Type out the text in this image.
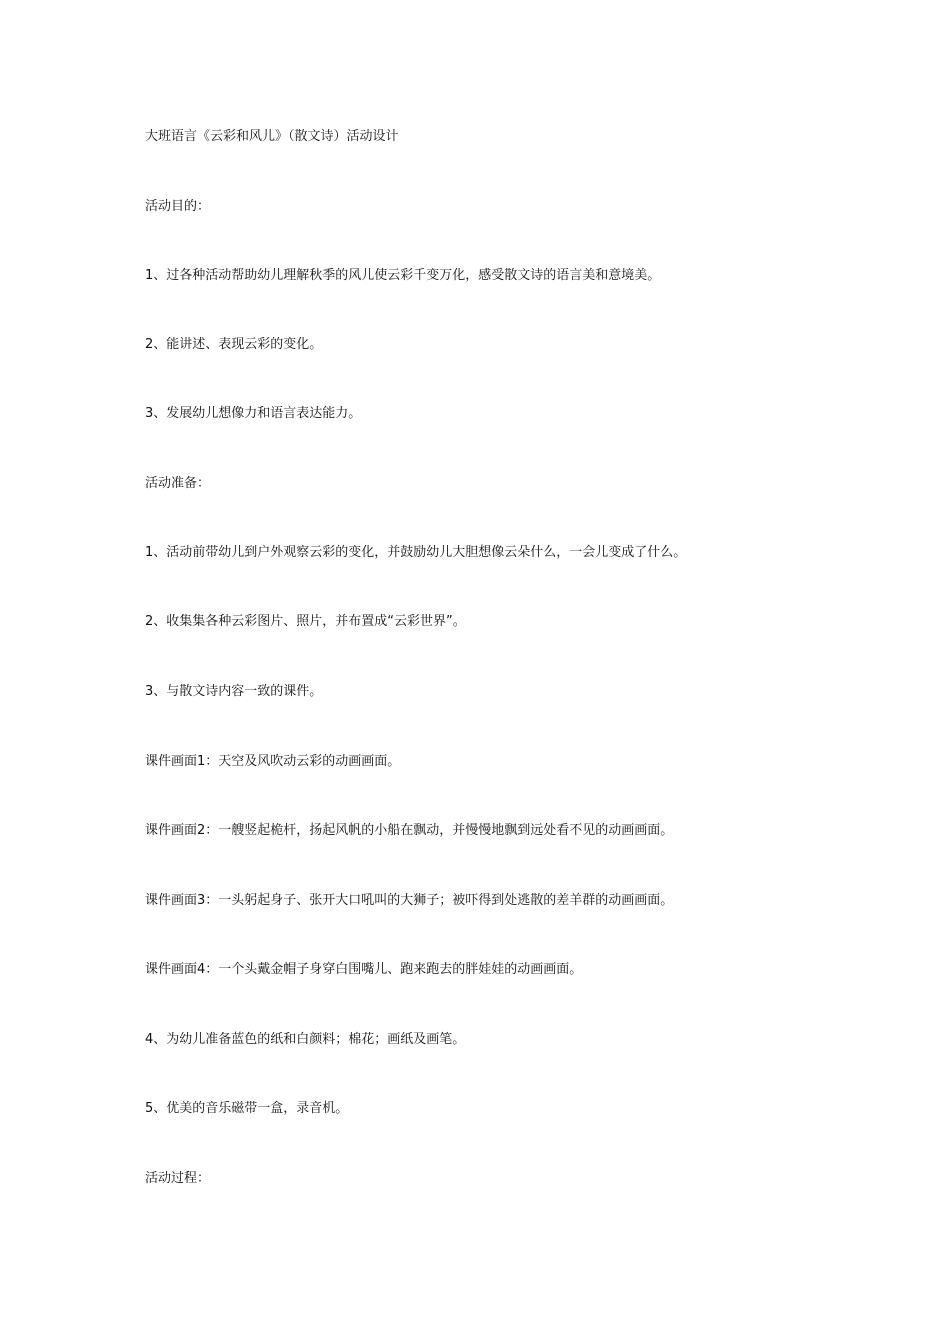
大班语言《云彩和风儿》（散文诗）活动设计
活动目的：
1、过各种活动帮助幼儿理解秋季的风儿使云彩千变万化，感受散文诗的语言美和意境美。
2、能讲述、表现云彩的变化。
3、发展幼儿想像力和语言表达能力。
活动准备：
1、活动前带幼儿到户外观察云彩的变化，并鼓励幼儿大胆想像云朵什么，一会儿变成了什么。
2、收集集各种云彩图片、照片，并布置成“云彩世界”。
3、与散文诗内容一致的课件。
课件画面1：天空及风吹动云彩的动画画面。
课件画面2：一艘竖起桅杆，扬起风帆的小船在飘动，并慢慢地飘到远处看不见的动画画面。
课件画面3：一头躬起身子、张开大口吼叫的大狮子；被吓得到处逃散的差羊群的动画画面。
课件画面4：一个头戴金帽子身穿白围嘴儿、跑来跑去的胖娃娃的动画画面。
4、为幼儿准备蓝色的纸和白颜料；棉花；画纸及画笔。
5、优美的音乐磁带一盒，录音机。
活动过程：
